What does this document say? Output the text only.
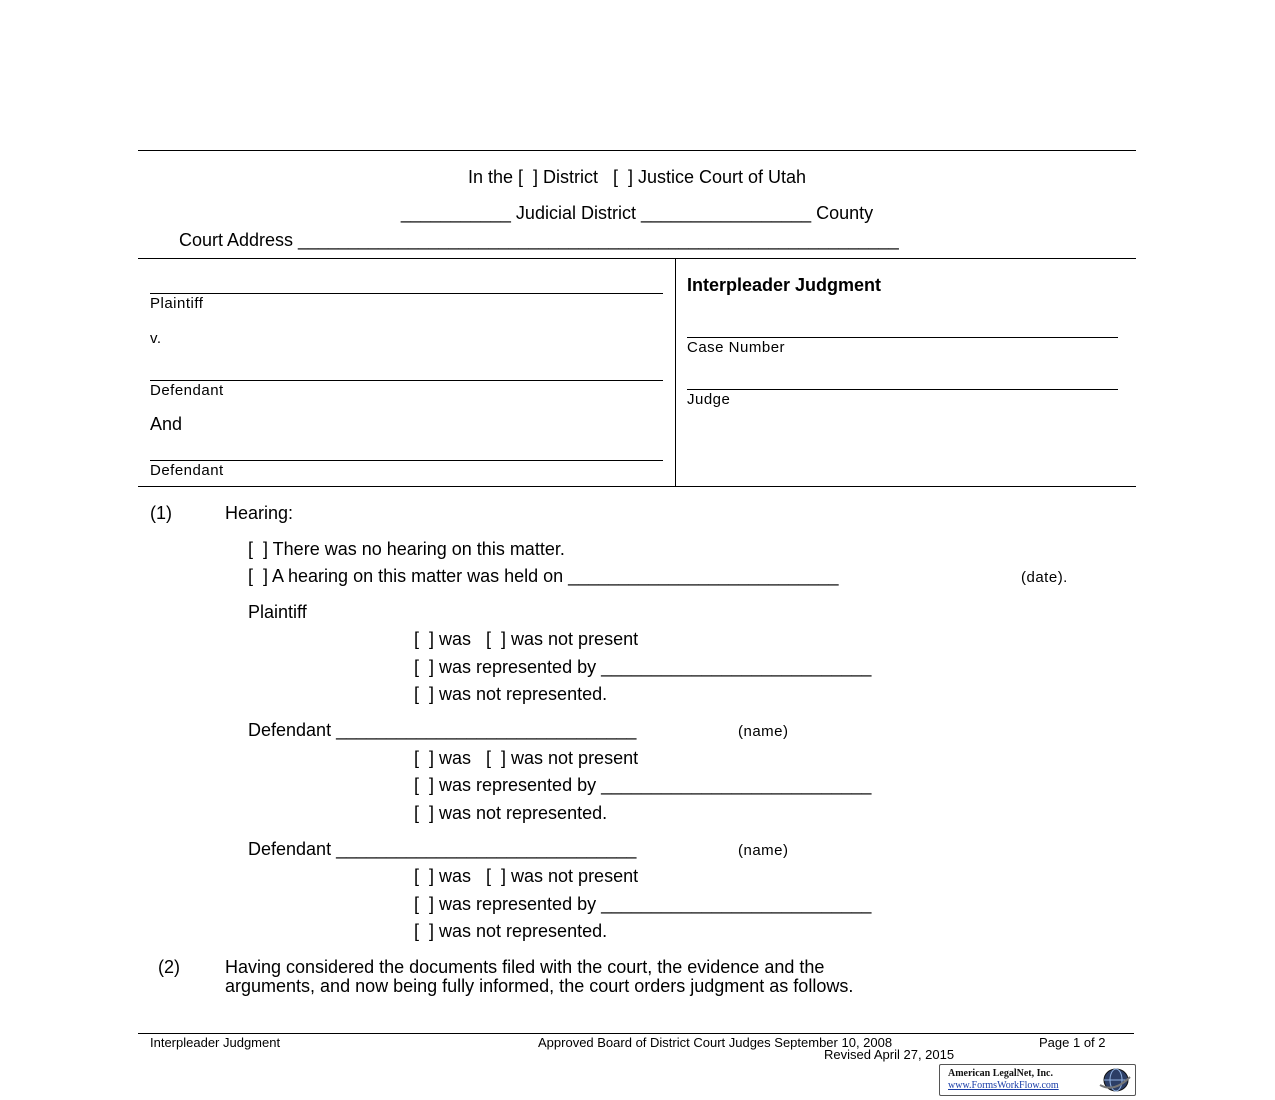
In the [  ] District   [  ] Justice Court of Utah
___________ Judicial District _________________ County
Court Address ____________________________________________________________
Plaintiff
v.
Defendant
And
Defendant
Interpleader Judgment
Case Number
Judge
(1)	Hearing:
[  ] There was no hearing on this matter.
[  ] A hearing on this matter was held on ___________________________	(date).
Plaintiff
[  ] was   [  ] was not present
[  ] was represented by ___________________________
[  ] was not represented.
Defendant ______________________________	(name)
[  ] was   [  ] was not present
[  ] was represented by ___________________________
[  ] was not represented.
Defendant ______________________________	(name)
[  ] was   [  ] was not present
[  ] was represented by ___________________________
[  ] was not represented.
(2)	Having considered the documents filed with the court, the evidence and the
arguments, and now being fully informed, the court orders judgment as follows.
Interpleader Judgment	Approved Board of District Court Judges September 10, 2008
Revised April 27, 2015
Page 1 of 2
American LegalNet, Inc.
www.FormsWorkFlow.com
